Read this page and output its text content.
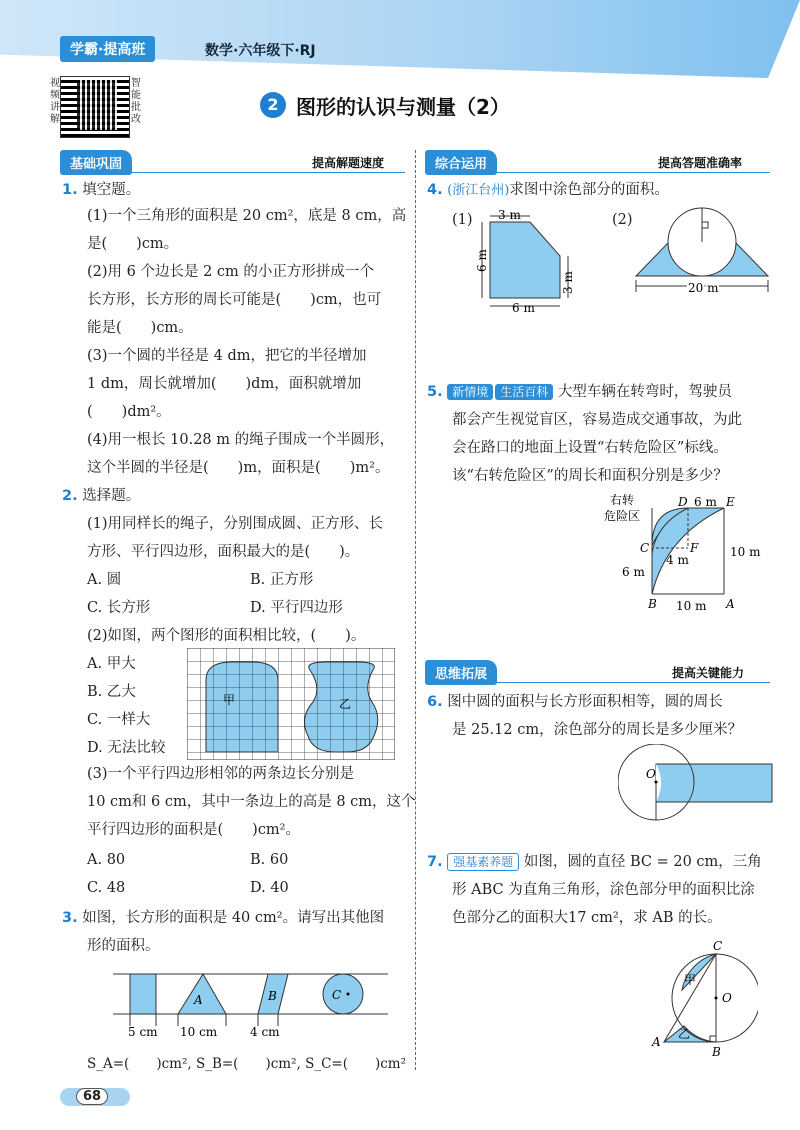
学霸·提高班	数学·六年级下·RJ
视频讲解
智能批改
2 图形的认识与测量（2）
基础巩固	提高解题速度	综合运用	提高答题准确率
思维拓展	提高关键能力
1. 填空题。
(1)一个三角形的面积是 20 cm²，底是 8 cm，高
是(　　)cm。
(2)用 6 个边长是 2 cm 的小正方形拼成一个
长方形，长方形的周长可能是(　　)cm，也可
能是(　　)cm。
(3)一个圆的半径是 4 dm，把它的半径增加
1 dm，周长就增加(　　)dm，面积就增加
(　　)dm²。
(4)用一根长 10.28 m 的绳子围成一个半圆形，
这个半圆的半径是(　　)m，面积是(　　)m²。
2. 选择题。
(1)用同样长的绳子，分别围成圆、正方形、长
方形、平行四边形，面积最大的是(　　)。
A. 圆	B. 正方形
C. 长方形	D. 平行四边形
(2)如图，两个图形的面积相比较，(　　)。
A. 甲大
B. 乙大
C. 一样大
D. 无法比较
甲	乙
(3)一个平行四边形相邻的两条边长分别是
10 cm和 6 cm，其中一条边上的高是 8 cm，这个
平行四边形的面积是(　　)cm²。
A. 80	B. 60
C. 48	D. 40
3. 如图，长方形的面积是 40 cm²。请写出其他图
形的面积。
5 cm 10 cm	4 cm
A	B	C
S_A=(　　)cm², S_B=(　　)cm², S_C=(　　)cm²
4. (浙江台州)求图中涂色部分的面积。
(1) 3 m
6 m
3 m
6 m
(2)
20 m
5. 新情境 生活百科 大型车辆在转弯时，驾驶员
都会产生视觉盲区，容易造成交通事故，为此
会在路口的地面上设置“右转危险区”标线。
该“右转危险区”的周长和面积分别是多少？
右转
危险区
D 6 m E
C	F
4 m
10 m
6 m
B 10 m A
6. 图中圆的面积与长方形面积相等，圆的周长
是 25.12 cm，涂色部分的周长是多少厘米？
O
7. 强基素养题 如图，圆的直径 BC = 20 cm，三角
形 ABC 为直角三角形，涂色部分甲的面积比涂
色部分乙的面积大17 cm²，求 AB 的长。
C
甲
O
乙
A
B
68
